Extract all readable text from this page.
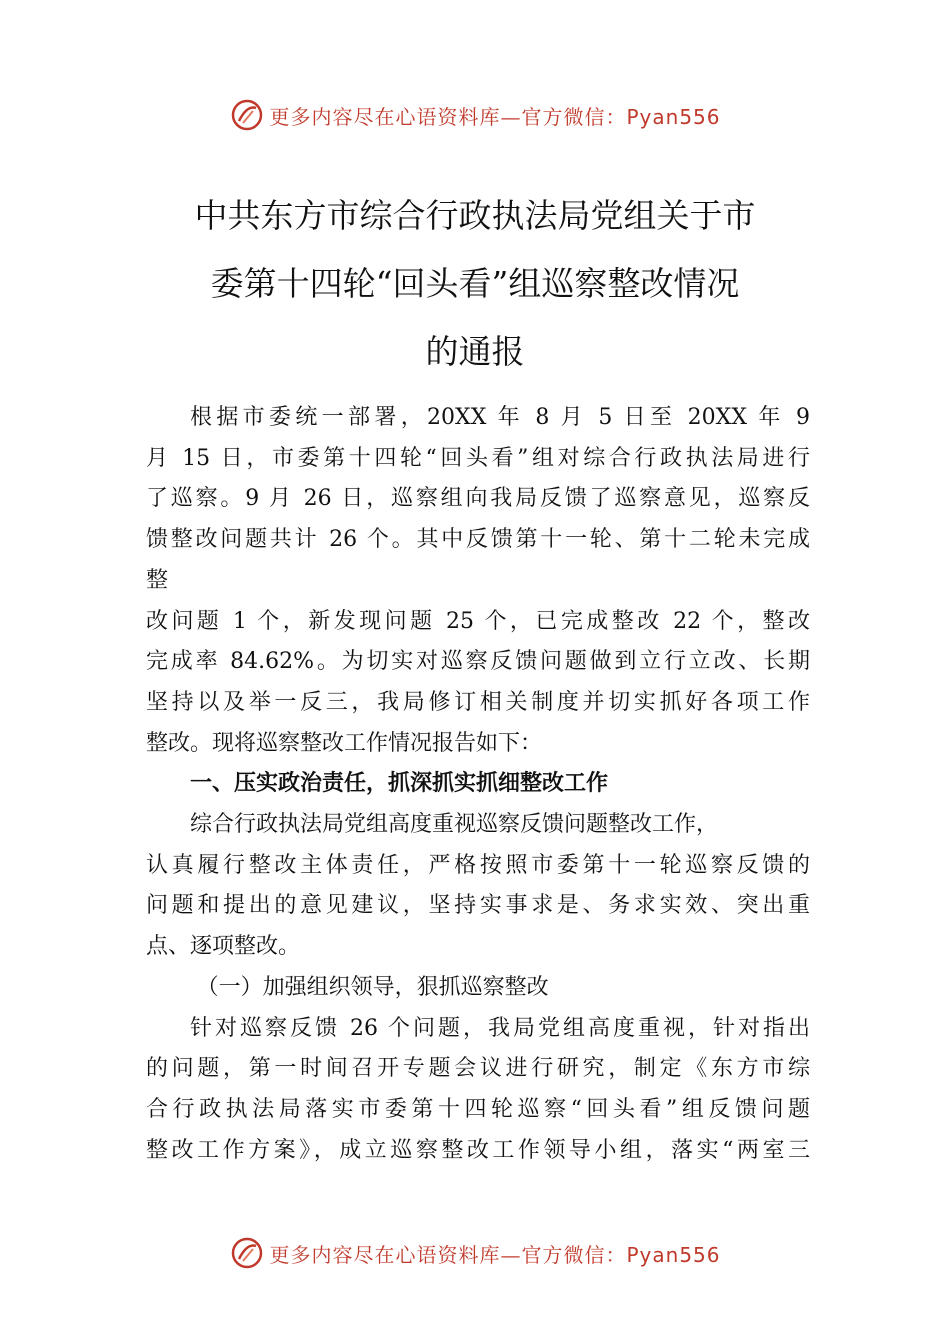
更多内容尽在心语资料库—官方微信：Pyan556
中共东方市综合行政执法局党组关于市
委第十四轮“回头看”组巡察整改情况
的通报

根据市委统一部署，20XX 年 8 月 5 日至 20XX 年 9

月 15 日，市委第十四轮“回头看”组对综合行政执法局进行

了巡察。9 月 26 日，巡察组向我局反馈了巡察意见，巡察反

馈整改问题共计 26 个。其中反馈第十一轮、第十二轮未完成

整

改问题 1 个，新发现问题 25 个，已完成整改 22 个，整改

完成率 84.62%。为切实对巡察反馈问题做到立行立改、长期

坚持以及举一反三，我局修订相关制度并切实抓好各项工作

整改。现将巡察整改工作情况报告如下：

一、压实政治责任，抓深抓实抓细整改工作

综合行政执法局党组高度重视巡察反馈问题整改工作，

认真履行整改主体责任，严格按照市委第十一轮巡察反馈的

问题和提出的意见建议，坚持实事求是、务求实效、突出重

点、逐项整改。

（一）加强组织领导，狠抓巡察整改

针对巡察反馈 26 个问题，我局党组高度重视，针对指出

的问题，第一时间召开专题会议进行研究，制定《东方市综

合行政执法局落实市委第十四轮巡察“回头看”组反馈问题

整改工作方案》，成立巡察整改工作领导小组，落实“两室三

更多内容尽在心语资料库—官方微信：Pyan556
